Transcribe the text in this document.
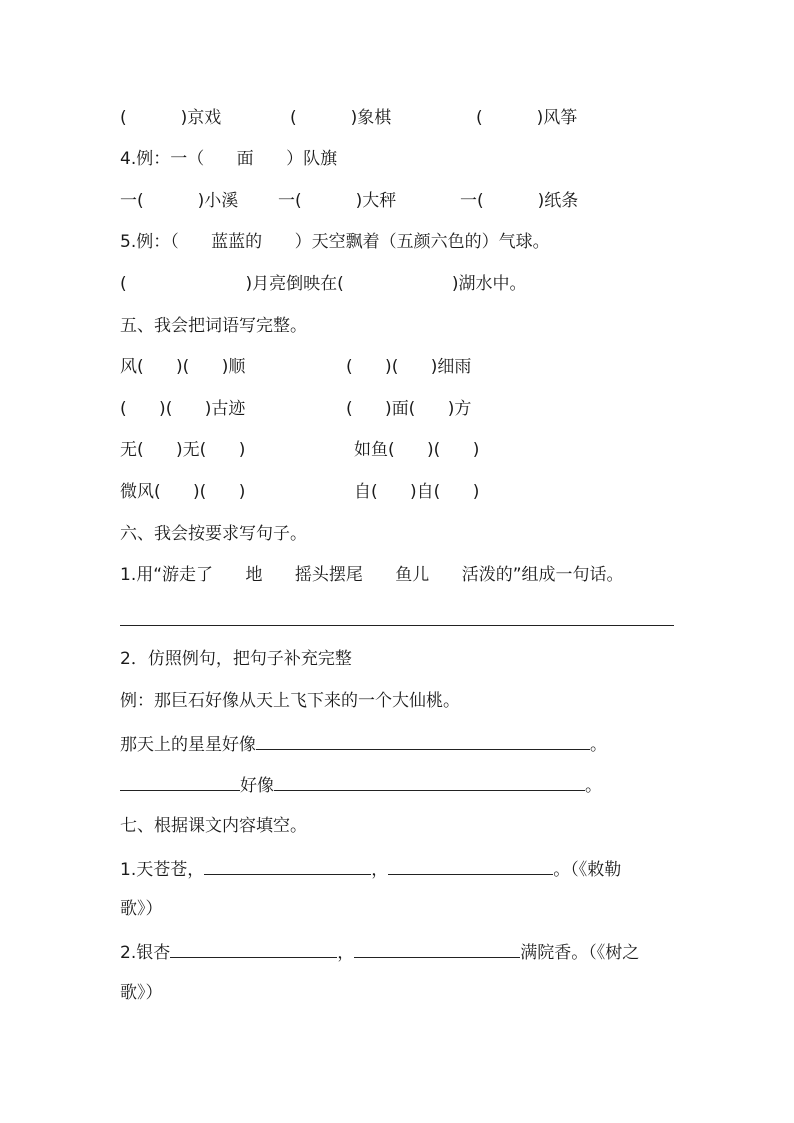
(          )京戏	(          )象棋	(          )风筝
4.例：一（      面      ）队旗
一(          )小溪 一(          )大秤	一(          )纸条
5.例：（      蓝蓝的      ）天空飘着（五颜六色的）气球。
(                      )月亮倒映在(                    )湖水中。
五、我会把词语写完整。
风(      )(      )顺	(      )(      )细雨
(      )(      )古迹	(      )面(      )方
无(      )无(      )	如鱼(      )(      )
微风(      )(      )	自(      )自(      )
六、我会按要求写句子。
1.用“游走了      地      摇头摆尾      鱼儿      活泼的”组成一句话。
2．仿照例句，把句子补充完整
例：那巨石好像从天上飞下来的一个大仙桃。
那天上的星星好像	。
好像	。
七、根据课文内容填空。
1.天苍苍，	，	。（《敕勒
歌》）
2.银杏	，	满院香。（《树之
歌》）
